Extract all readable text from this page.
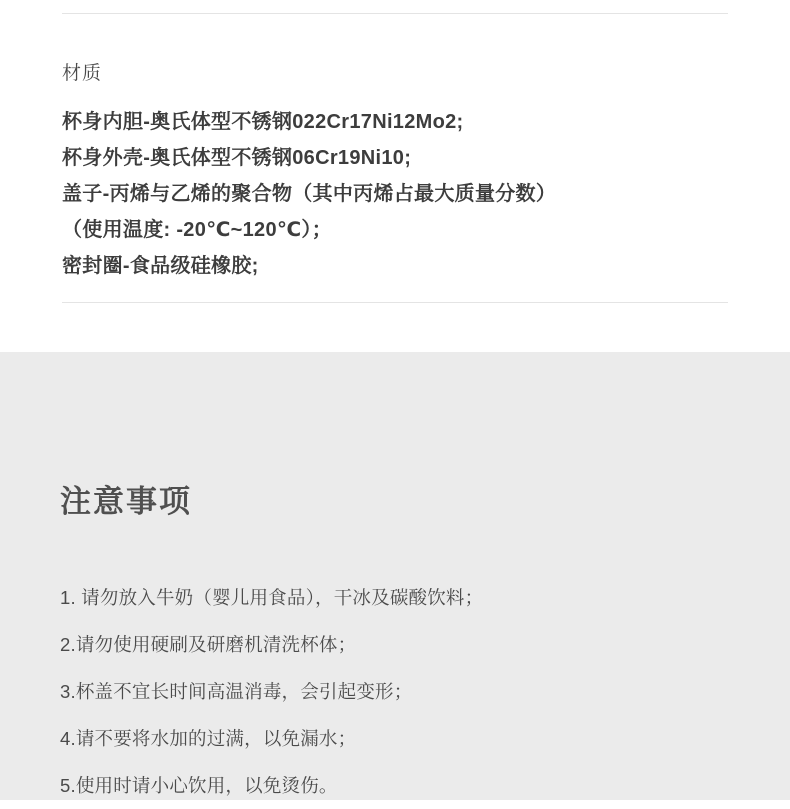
材质
杯身内胆-奥氏体型不锈钢022Cr17Ni12Mo2;
杯身外壳-奥氏体型不锈钢06Cr19Ni10;
盖子-丙烯与乙烯的聚合物（其中丙烯占最大质量分数）
（使用温度: -20℃~120℃）；
密封圈-食品级硅橡胶;
注意事项
1. 请勿放入牛奶（婴儿用食品），干冰及碳酸饮料；
2.请勿使用硬刷及研磨机清洗杯体；
3.杯盖不宜长时间高温消毒，会引起变形；
4.请不要将水加的过满，以免漏水；
5.使用时请小心饮用，以免烫伤。
